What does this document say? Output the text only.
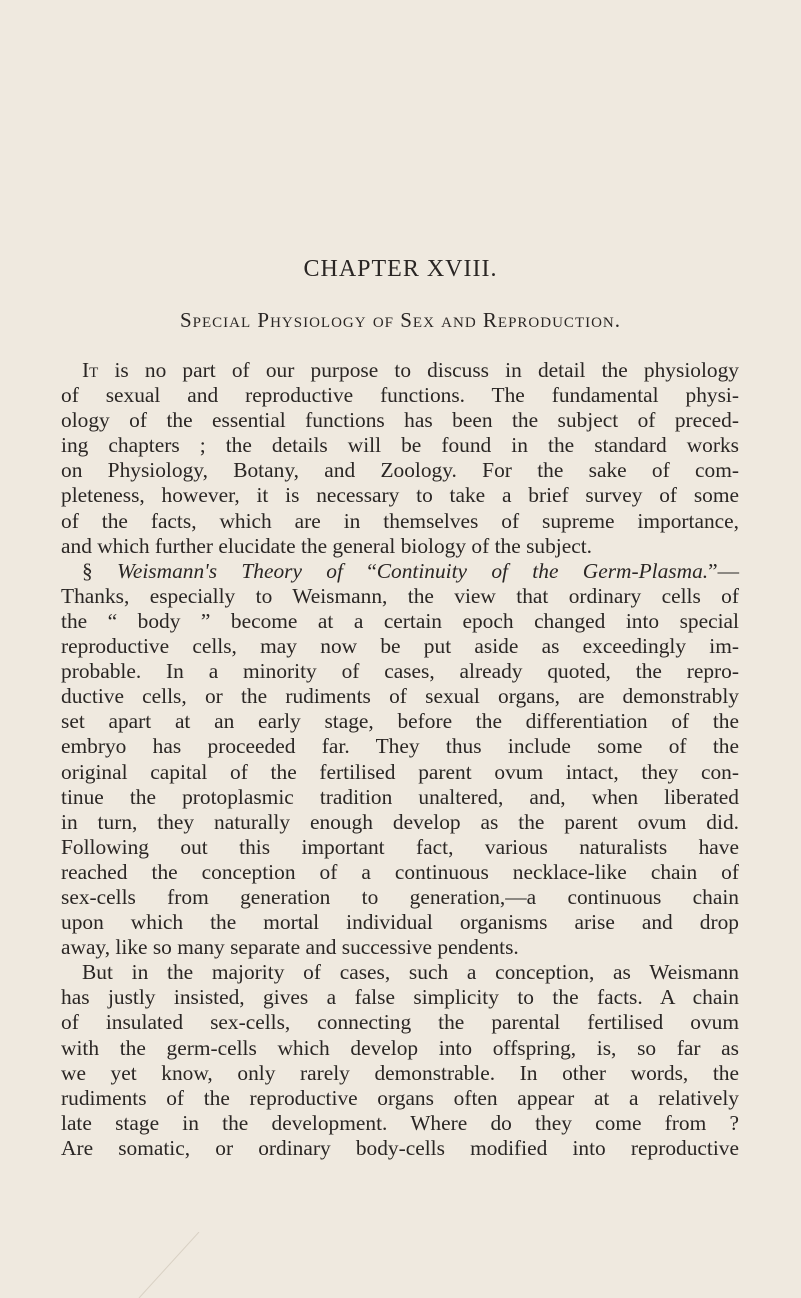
CHAPTER XVIII.
Special Physiology of Sex and Reproduction.
It is no part of our purpose to discuss in detail the physiology
of sexual and reproductive functions. The fundamental physi-
ology of the essential functions has been the subject of preced-
ing chapters ; the details will be found in the standard works
on Physiology, Botany, and Zoology. For the sake of com-
pleteness, however, it is necessary to take a brief survey of some
of the facts, which are in themselves of supreme importance,
and which further elucidate the general biology of the subject.
§ Weismann's Theory of “Continuity of the Germ-Plasma.”—
Thanks, especially to Weismann, the view that ordinary cells of
the “ body ” become at a certain epoch changed into special
reproductive cells, may now be put aside as exceedingly im-
probable. In a minority of cases, already quoted, the repro-
ductive cells, or the rudiments of sexual organs, are demonstrably
set apart at an early stage, before the differentiation of the
embryo has proceeded far. They thus include some of the
original capital of the fertilised parent ovum intact, they con-
tinue the protoplasmic tradition unaltered, and, when liberated
in turn, they naturally enough develop as the parent ovum did.
Following out this important fact, various naturalists have
reached the conception of a continuous necklace-like chain of
sex-cells from generation to generation,—a continuous chain
upon which the mortal individual organisms arise and drop
away, like so many separate and successive pendents.
But in the majority of cases, such a conception, as Weismann
has justly insisted, gives a false simplicity to the facts. A chain
of insulated sex-cells, connecting the parental fertilised ovum
with the germ-cells which develop into offspring, is, so far as
we yet know, only rarely demonstrable. In other words, the
rudiments of the reproductive organs often appear at a relatively
late stage in the development. Where do they come from ?
Are somatic, or ordinary body-cells modified into reproductive
